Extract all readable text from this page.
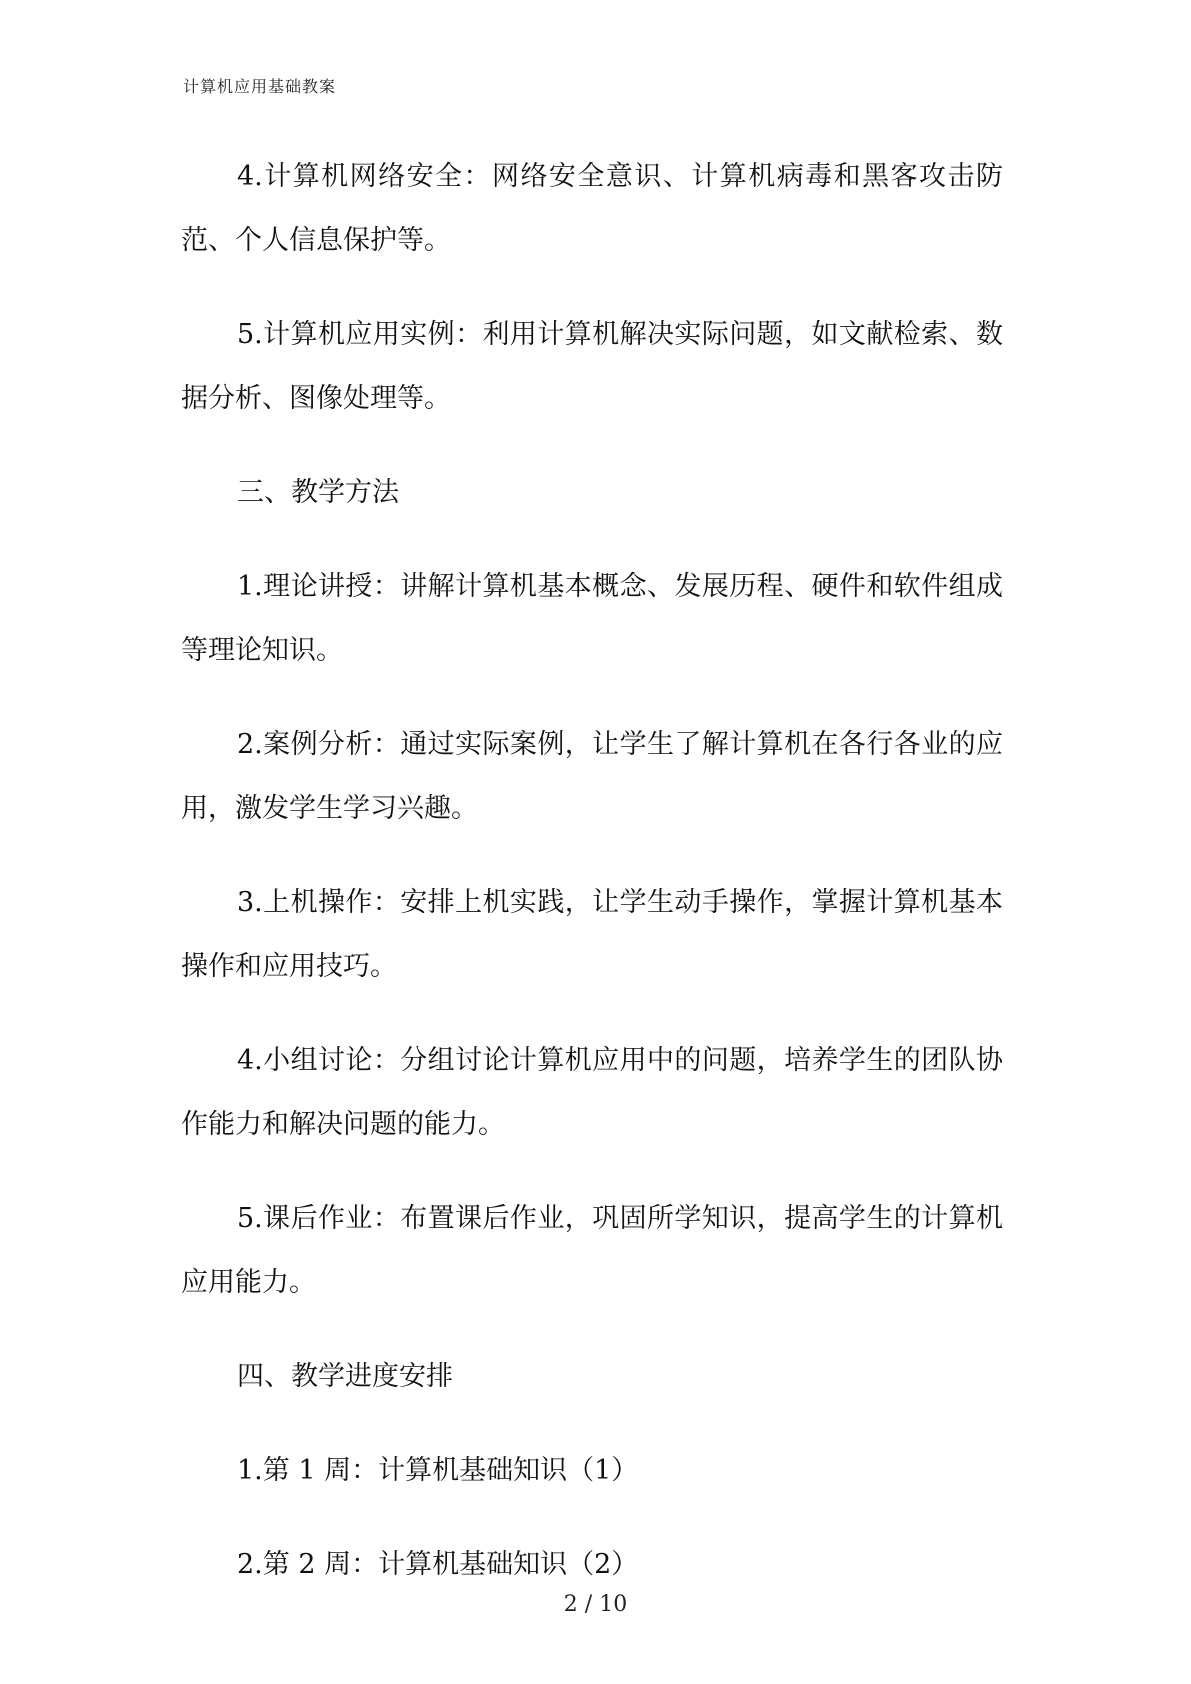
计算机应用基础教案

4.计算机网络安全：网络安全意识、计算机病毒和黑客攻击防范、个人信息保护等。

5.计算机应用实例：利用计算机解决实际问题，如文献检索、数据分析、图像处理等。

三、教学方法

1.理论讲授：讲解计算机基本概念、发展历程、硬件和软件组成等理论知识。

2.案例分析：通过实际案例，让学生了解计算机在各行各业的应用，激发学生学习兴趣。

3.上机操作：安排上机实践，让学生动手操作，掌握计算机基本操作和应用技巧。

4.小组讨论：分组讨论计算机应用中的问题，培养学生的团队协作能力和解决问题的能力。

5.课后作业：布置课后作业，巩固所学知识，提高学生的计算机应用能力。

四、教学进度安排

1.第 1 周：计算机基础知识（1）

2.第 2 周：计算机基础知识（2）

2 / 10
